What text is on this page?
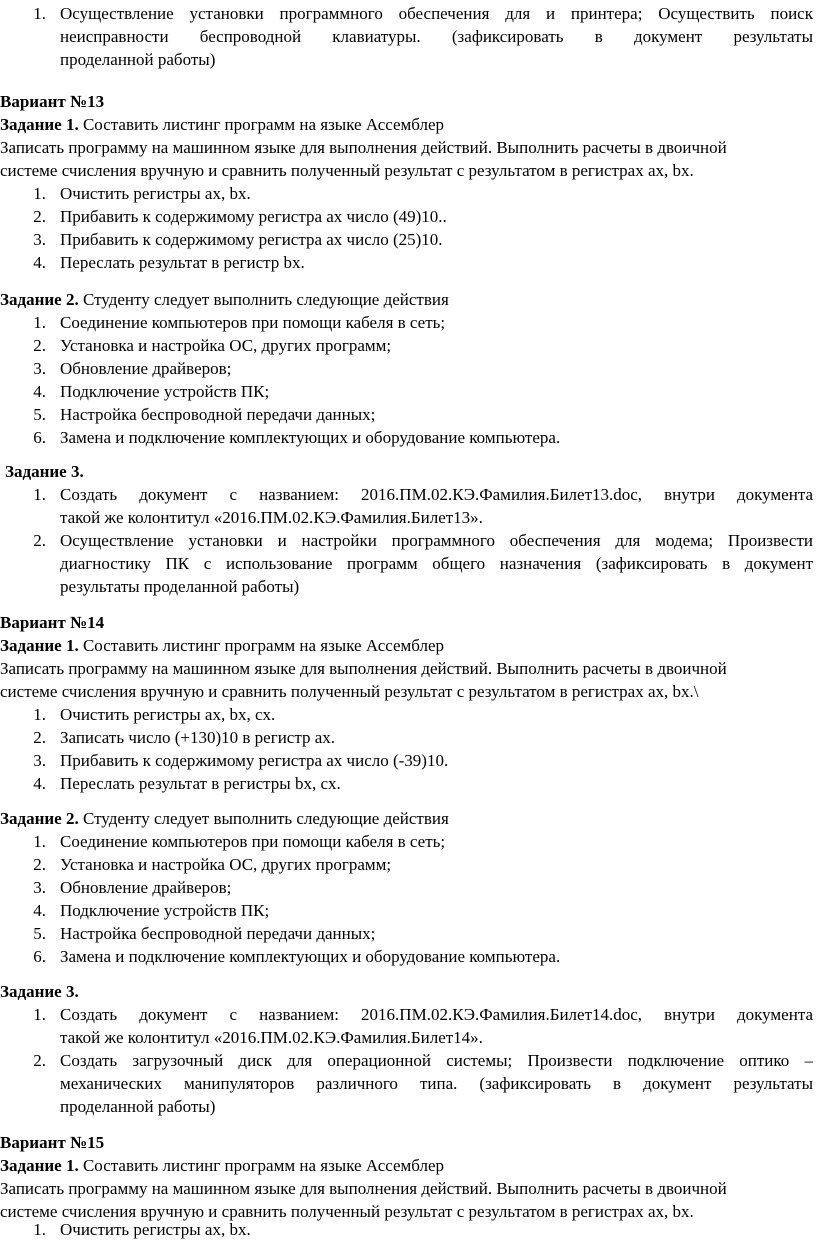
1. Осуществление установки программного обеспечения для и принтера; Осуществить поиск
неисправности беспроводной клавиатуры. (зафиксировать в документ результаты
проделанной работы)
Вариант №13
Задание 1. Составить листинг программ на языке Ассемблер
Записать программу на машинном языке для выполнения действий. Выполнить расчеты в двоичной
системе счисления вручную и сравнить полученный результат с результатом в регистрах ax, bx.
1. Очистить регистры ax, bx.
2. Прибавить к содержимому регистра ax число (49)10..
3. Прибавить к содержимому регистра ax число (25)10.
4. Переслать результат в регистр bx.
Задание 2. Студенту следует выполнить следующие действия
1. Соединение компьютеров при помощи кабеля в сеть;
2. Установка и настройка ОС, других программ;
3. Обновление драйверов;
4. Подключение устройств ПК;
5. Настройка беспроводной передачи данных;
6. Замена и подключение комплектующих и оборудование компьютера.
Задание 3.
1. Создать документ с названием: 2016.ПМ.02.КЭ.Фамилия.Билет13.doc, внутри документа
такой же колонтитул «2016.ПМ.02.КЭ.Фамилия.Билет13».
2. Осуществление установки и настройки программного обеспечения для модема; Произвести
диагностику ПК с использование программ общего назначения (зафиксировать в документ
результаты проделанной работы)
Вариант №14
Задание 1. Составить листинг программ на языке Ассемблер
Записать программу на машинном языке для выполнения действий. Выполнить расчеты в двоичной
системе счисления вручную и сравнить полученный результат с результатом в регистрах ax, bx.\
1. Очистить регистры ax, bx, cx.
2. Записать число (+130)10 в регистр ax.
3. Прибавить к содержимому регистра ax число (-39)10.
4. Переслать результат в регистры bx, cx.
Задание 2. Студенту следует выполнить следующие действия
1. Соединение компьютеров при помощи кабеля в сеть;
2. Установка и настройка ОС, других программ;
3. Обновление драйверов;
4. Подключение устройств ПК;
5. Настройка беспроводной передачи данных;
6. Замена и подключение комплектующих и оборудование компьютера.
Задание 3.
1. Создать документ с названием: 2016.ПМ.02.КЭ.Фамилия.Билет14.doc, внутри документа
такой же колонтитул «2016.ПМ.02.КЭ.Фамилия.Билет14».
2. Создать загрузочный диск для операционной системы; Произвести подключение оптико –
механических манипуляторов различного типа. (зафиксировать в документ результаты
проделанной работы)
Вариант №15
Задание 1. Составить листинг программ на языке Ассемблер
Записать программу на машинном языке для выполнения действий. Выполнить расчеты в двоичной
системе счисления вручную и сравнить полученный результат с результатом в регистрах ax, bx.
1. Очистить регистры ax, bx.
